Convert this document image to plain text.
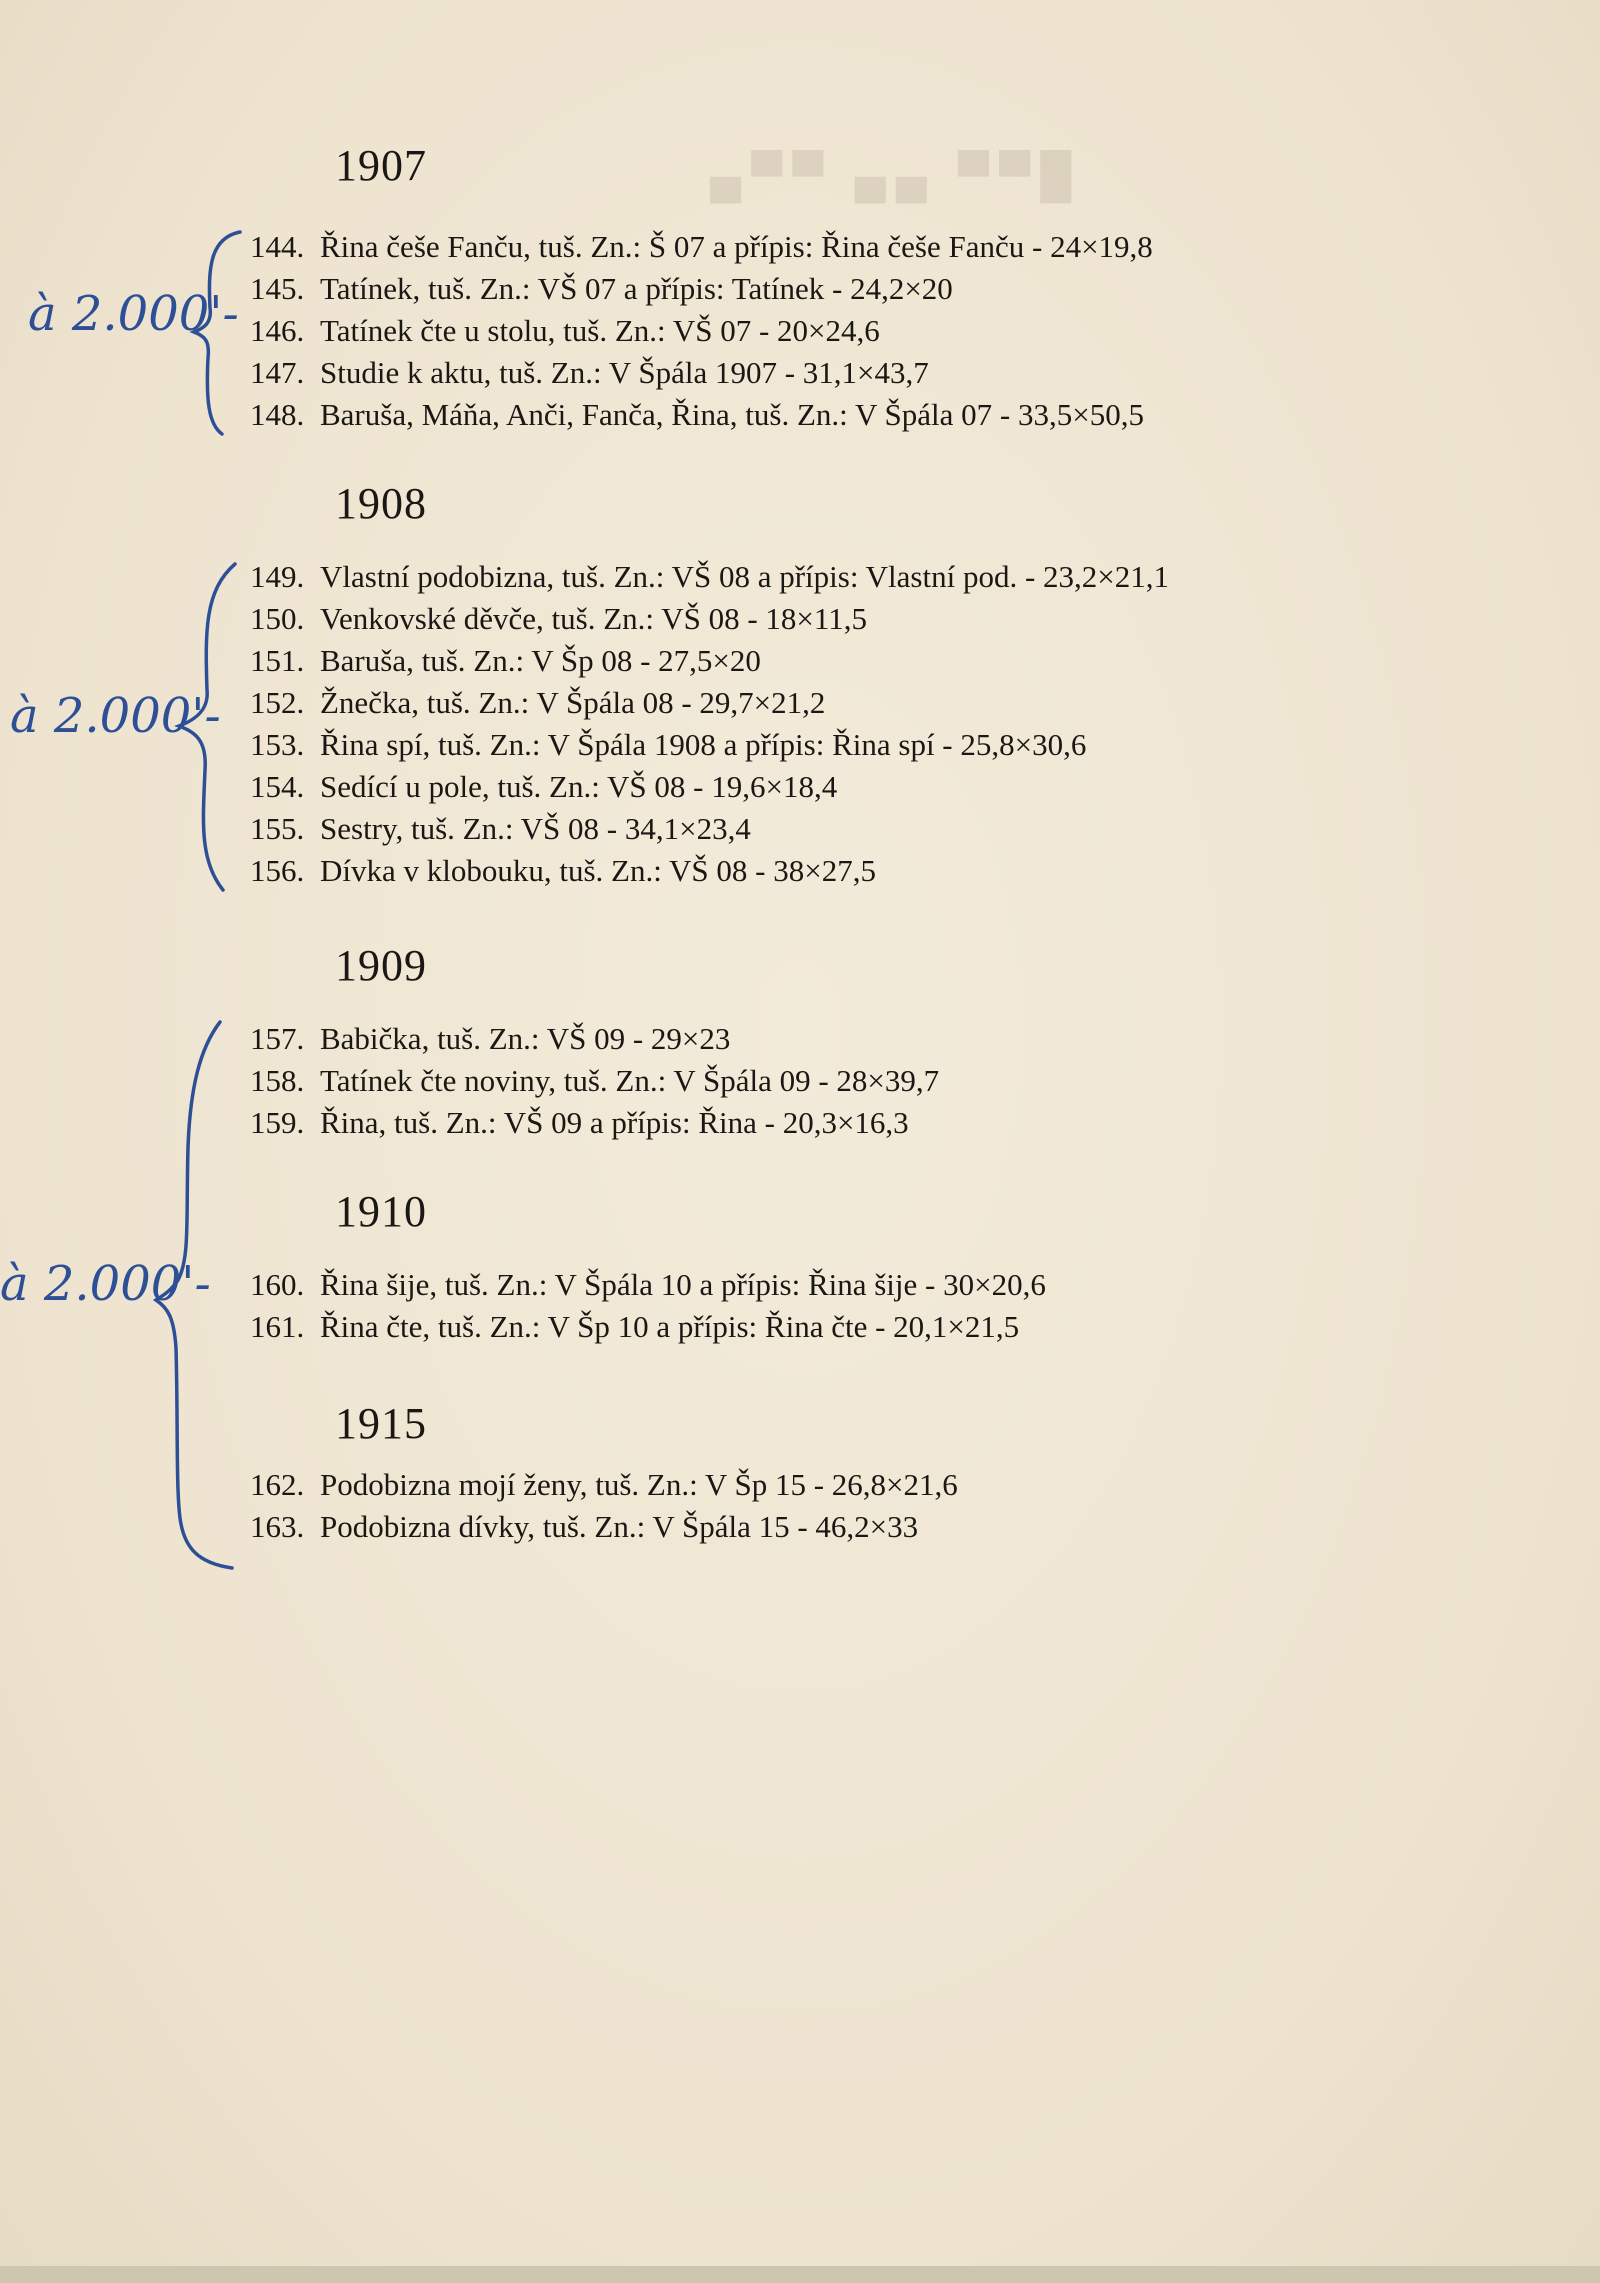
█▀▀ ▄▄ ▀▀▄
1907
144. Řina češe Fanču, tuš. Zn.: Š 07 a přípis: Řina češe Fanču - 24×19,8
145. Tatínek, tuš. Zn.: VŠ 07 a přípis: Tatínek - 24,2×20
146. Tatínek čte u stolu, tuš. Zn.: VŠ 07 - 20×24,6
147. Studie k aktu, tuš. Zn.: V Špála 1907 - 31,1×43,7
148. Baruša, Máňa, Anči, Fanča, Řina, tuš. Zn.: V Špála 07 - 33,5×50,5
à 2.000'-
1908
149. Vlastní podobizna, tuš. Zn.: VŠ 08 a přípis: Vlastní pod. - 23,2×21,1
150. Venkovské děvče, tuš. Zn.: VŠ 08 - 18×11,5
151. Baruša, tuš. Zn.: V Šp 08 - 27,5×20
152. Žnečka, tuš. Zn.: V Špála 08 - 29,7×21,2
153. Řina spí, tuš. Zn.: V Špála 1908 a přípis: Řina spí - 25,8×30,6
154. Sedící u pole, tuš. Zn.: VŠ 08 - 19,6×18,4
155. Sestry, tuš. Zn.: VŠ 08 - 34,1×23,4
156. Dívka v klobouku, tuš. Zn.: VŠ 08 - 38×27,5
à 2.000'-
1909
157. Babička, tuš. Zn.: VŠ 09 - 29×23
158. Tatínek čte noviny, tuš. Zn.: V Špála 09 - 28×39,7
159. Řina, tuš. Zn.: VŠ 09 a přípis: Řina - 20,3×16,3
1910
160. Řina šije, tuš. Zn.: V Špála 10 a přípis: Řina šije - 30×20,6
161. Řina čte, tuš. Zn.: V Šp 10 a přípis: Řina čte - 20,1×21,5
à 2.000'-
1915
162. Podobizna mojí ženy, tuš. Zn.: V Šp 15 - 26,8×21,6
163. Podobizna dívky, tuš. Zn.: V Špála 15 - 46,2×33
